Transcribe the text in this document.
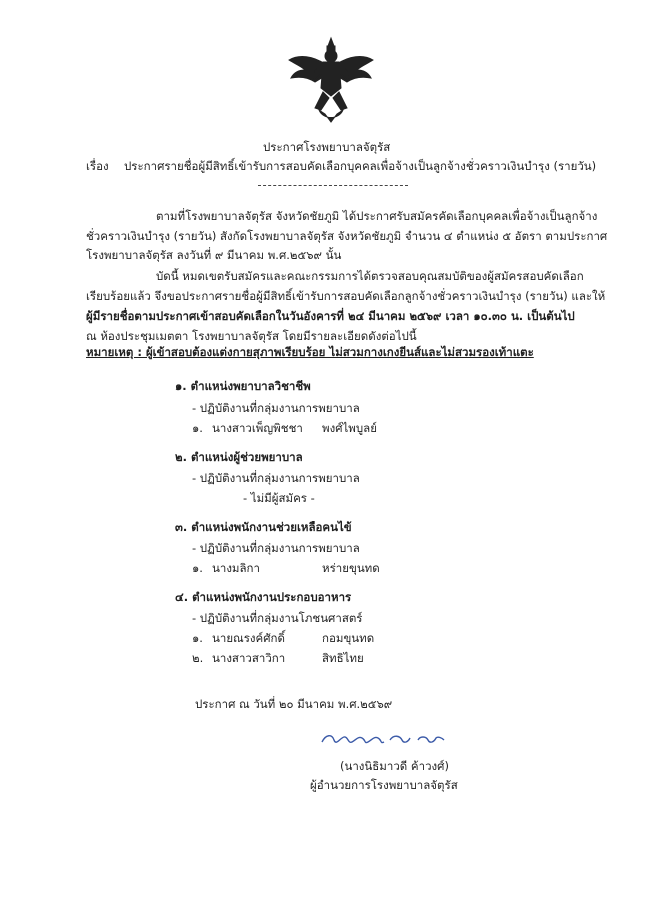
ประกาศโรงพยาบาลจัตุรัส
เรื่อง ประกาศรายชื่อผู้มีสิทธิ์เข้ารับการสอบคัดเลือกบุคคลเพื่อจ้างเป็นลูกจ้างชั่วคราวเงินบำรุง (รายวัน)
ตามที่โรงพยาบาลจัตุรัส จังหวัดชัยภูมิ ได้ประกาศรับสมัครคัดเลือกบุคคลเพื่อจ้างเป็นลูกจ้าง
ชั่วคราวเงินบำรุง (รายวัน) สังกัดโรงพยาบาลจัตุรัส จังหวัดชัยภูมิ จำนวน ๔ ตำแหน่ง ๕ อัตรา ตามประกาศ
โรงพยาบาลจัตุรัส ลงวันที่ ๙ มีนาคม พ.ศ.๒๕๖๙ นั้น
บัดนี้ หมดเขตรับสมัครและคณะกรรมการได้ตรวจสอบคุณสมบัติของผู้สมัครสอบคัดเลือก
เรียบร้อยแล้ว จึงขอประกาศรายชื่อผู้มีสิทธิ์เข้ารับการสอบคัดเลือกลูกจ้างชั่วคราวเงินบำรุง (รายวัน) และให้
ผู้มีรายชื่อตามประกาศเข้าสอบคัดเลือกในวันอังคารที่ ๒๔ มีนาคม ๒๕๖๙ เวลา ๑๐.๓๐ น. เป็นต้นไป
ณ ห้องประชุมเมตตา โรงพยาบาลจัตุรัส โดยมีรายละเอียดดังต่อไปนี้
หมายเหตุ : ผู้เข้าสอบต้องแต่งกายสุภาพเรียบร้อย ไม่สวมกางเกงยีนส์และไม่สวมรองเท้าแตะ
๑. ตำแหน่งพยาบาลวิชาชีพ
- ปฏิบัติงานที่กลุ่มงานการพยาบาล
๑. นางสาวเพ็ญพิชชา พงศ์ไพบูลย์
๒. ตำแหน่งผู้ช่วยพยาบาล
- ปฏิบัติงานที่กลุ่มงานการพยาบาล
- ไม่มีผู้สมัคร -
๓. ตำแหน่งพนักงานช่วยเหลือคนไข้
- ปฏิบัติงานที่กลุ่มงานการพยาบาล
๑. นางมลิกา	หร่ายขุนทด
๔. ตำแหน่งพนักงานประกอบอาหาร
- ปฏิบัติงานที่กลุ่มงานโภชนศาสตร์
๑. นายณรงค์ศักดิ์	กอมขุนทด
๒. นางสาวสาวิกา	สิทธิไทย
ประกาศ ณ วันที่ ๒๐ มีนาคม พ.ศ.๒๕๖๙
(นางนิธิมาวดี ค้าวงศ์)
ผู้อำนวยการโรงพยาบาลจัตุรัส
